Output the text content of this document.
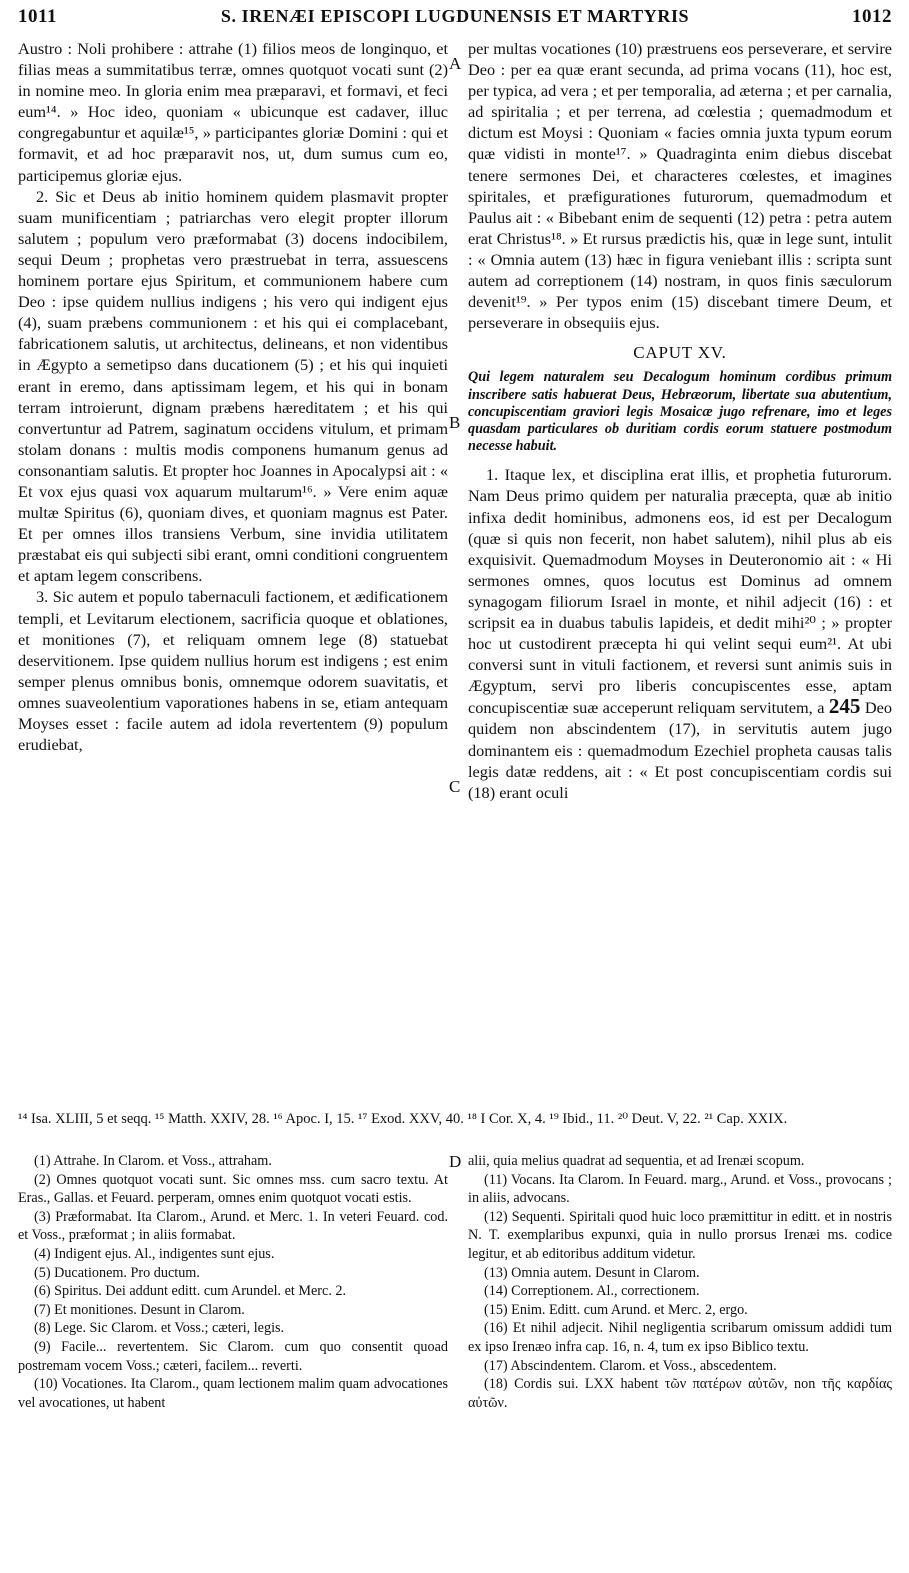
1011	S. IRENÆI EPISCOPI LUGDUNENSIS ET MARTYRIS	1012
A
B
C
D

Austro : Noli prohibere : attrahe (1) filios meos de longinquo, et filias meas a summitatibus terræ, omnes quotquot vocati sunt (2) in nomine meo. In gloria enim mea præparavi, et formavi, et feci eum¹⁴. » Hoc ideo, quoniam « ubicunque est cadaver, illuc congregabuntur et aquilæ¹⁵, » participantes gloriæ Domini : qui et formavit, et ad hoc præparavit nos, ut, dum sumus cum eo, participemus gloriæ ejus.

2. Sic et Deus ab initio hominem quidem plasmavit propter suam munificentiam ; patriarchas vero elegit propter illorum salutem ; populum vero præformabat (3) docens indocibilem, sequi Deum ; prophetas vero præstruebat in terra, assuescens hominem portare ejus Spiritum, et communionem habere cum Deo : ipse quidem nullius indigens ; his vero qui indigent ejus (4), suam præbens communionem : et his qui ei complacebant, fabricationem salutis, ut architectus, delineans, et non videntibus in Ægypto a semetipso dans ducationem (5) ; et his qui inquieti erant in eremo, dans aptissimam legem, et his qui in bonam terram introierunt, dignam præbens hæreditatem ; et his qui convertuntur ad Patrem, saginatum occidens vitulum, et primam stolam donans : multis modis componens humanum genus ad consonantiam salutis. Et propter hoc Joannes in Apocalypsi ait : « Et vox ejus quasi vox aquarum multarum¹⁶. » Vere enim aquæ multæ Spiritus (6), quoniam dives, et quoniam magnus est Pater. Et per omnes illos transiens Verbum, sine invidia utilitatem præstabat eis qui subjecti sibi erant, omni conditioni congruentem et aptam legem conscribens.

3. Sic autem et populo tabernaculi factionem, et ædificationem templi, et Levitarum electionem, sacrificia quoque et oblationes, et monitiones (7), et reliquam omnem lege (8) statuebat deservitionem. Ipse quidem nullius horum est indigens ; est enim semper plenus omnibus bonis, omnemque odorem suavitatis, et omnes suaveolentium vaporationes habens in se, etiam antequam Moyses esset : facile autem ad idola revertentem (9) populum erudiebat,

per multas vocationes (10) præstruens eos perseverare, et servire Deo : per ea quæ erant secunda, ad prima vocans (11), hoc est, per typica, ad vera ; et per temporalia, ad æterna ; et per carnalia, ad spiritalia ; et per terrena, ad cœlestia ; quemadmodum et dictum est Moysi : Quoniam « facies omnia juxta typum eorum quæ vidisti in monte¹⁷. » Quadraginta enim diebus discebat tenere sermones Dei, et characteres cœlestes, et imagines spiritales, et præfigurationes futurorum, quemadmodum et Paulus ait : « Bibebant enim de sequenti (12) petra : petra autem erat Christus¹⁸. » Et rursus prædictis his, quæ in lege sunt, intulit : « Omnia autem (13) hæc in figura veniebant illis : scripta sunt autem ad correptionem (14) nostram, in quos finis sæculorum devenit¹⁹. » Per typos enim (15) discebant timere Deum, et perseverare in obsequiis ejus.

CAPUT XV.

Qui legem naturalem seu Decalogum hominum cordibus primum inscribere satis habuerat Deus, Hebræorum, libertate sua abutentium, concupiscentiam graviori legis Mosaicæ jugo refrenare, imo et leges quasdam particulares ob duritiam cordis eorum statuere postmodum necesse habuit.

1. Itaque lex, et disciplina erat illis, et prophetia futurorum. Nam Deus primo quidem per naturalia præcepta, quæ ab initio infixa dedit hominibus, admonens eos, id est per Decalogum (quæ si quis non fecerit, non habet salutem), nihil plus ab eis exquisivit. Quemadmodum Moyses in Deuteronomio ait : « Hi sermones omnes, quos locutus est Dominus ad omnem synagogam filiorum Israel in monte, et nihil adjecit (16) : et scripsit ea in duabus tabulis lapideis, et dedit mihi²⁰ ; » propter hoc ut custodirent præcepta hi qui velint sequi eum²¹. At ubi conversi sunt in vituli factionem, et reversi sunt animis suis in Ægyptum, servi pro liberis concupiscentes esse, aptam concupiscentiæ suæ acceperunt reliquam servitutem, a 245 Deo quidem non abscindentem (17), in servitutis autem jugo dominantem eis : quemadmodum Ezechiel propheta causas talis legis datæ reddens, ait : « Et post concupiscentiam cordis sui (18) erant oculi

¹⁴ Isa. XLIII, 5 et seqq. ¹⁵ Matth. XXIV, 28. ¹⁶ Apoc. I, 15. ¹⁷ Exod. XXV, 40. ¹⁸ I Cor. X, 4. ¹⁹ Ibid., 11. ²⁰ Deut. V, 22. ²¹ Cap. XXIX.

(1) Attrahe. In Clarom. et Voss., attraham.

(2) Omnes quotquot vocati sunt. Sic omnes mss. cum sacro textu. At Eras., Gallas. et Feuard. perperam, omnes enim quotquot vocati estis.

(3) Præformabat. Ita Clarom., Arund. et Merc. 1. In veteri Feuard. cod. et Voss., præformat ; in aliis formabat.

(4) Indigent ejus. Al., indigentes sunt ejus.

(5) Ducationem. Pro ductum.

(6) Spiritus. Dei addunt editt. cum Arundel. et Merc. 2.

(7) Et monitiones. Desunt in Clarom.

(8) Lege. Sic Clarom. et Voss.; cæteri, legis.

(9) Facile... revertentem. Sic Clarom. cum quo consentit quoad postremam vocem Voss.; cæteri, facilem... reverti.

(10) Vocationes. Ita Clarom., quam lectionem malim quam advocationes vel avocationes, ut habent

alii, quia melius quadrat ad sequentia, et ad Irenæi scopum.

(11) Vocans. Ita Clarom. In Feuard. marg., Arund. et Voss., provocans ; in aliis, advocans.

(12) Sequenti. Spiritali quod huic loco præmittitur in editt. et in nostris N. T. exemplaribus expunxi, quia in nullo prorsus Irenæi ms. codice legitur, et ab editoribus additum videtur.

(13) Omnia autem. Desunt in Clarom.

(14) Correptionem. Al., correctionem.

(15) Enim. Editt. cum Arund. et Merc. 2, ergo.

(16) Et nihil adjecit. Nihil negligentia scribarum omissum addidi tum ex ipso Irenæo infra cap. 16, n. 4, tum ex ipso Biblico textu.

(17) Abscindentem. Clarom. et Voss., abscedentem.

(18) Cordis sui. LXX habent τῶν πατέρων αὐτῶν, non τῆς καρδίας αὐτῶν.
